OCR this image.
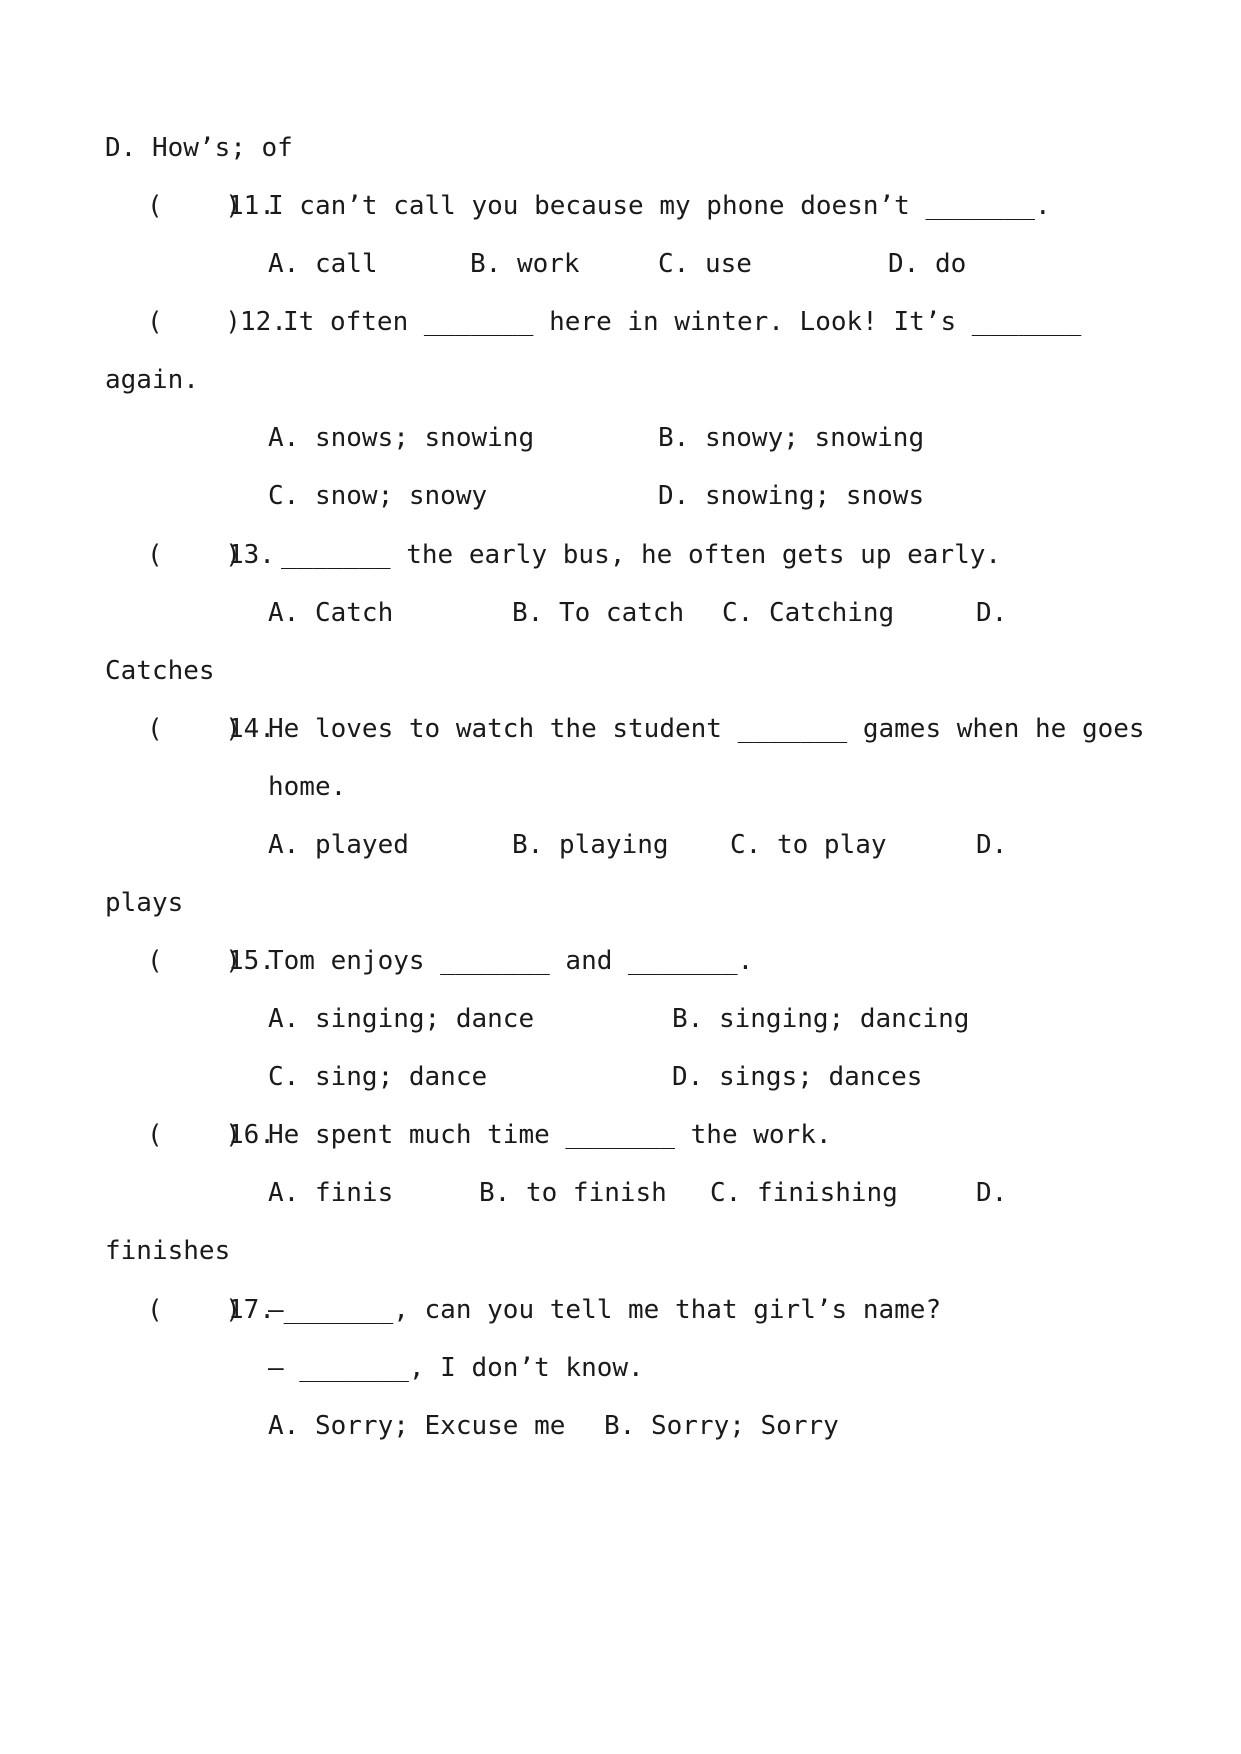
D. How’s; of
(    )
11.
I can’t call you because my phone doesn’t _______.
A. call	B. work	C. use	D. do
(    ) 12.
It often _______ here in winter. Look! It’s _______
again.
A. snows; snowing	B. snowy; snowing
C. snow; snowy	D. snowing; snows
(    )
13. _______ the early bus, he often gets up early.
A. Catch	B. To catch C. Catching	D.
Catches
(    )
14.
He loves to watch the student _______ games when he goes
home.
A. played	B. playing C. to play	D.
plays
(    )
15.
Tom enjoys _______ and _______.
A. singing; dance	B. singing; dancing
C. sing; dance	D. sings; dances
(    )
16.
He spent much time _______ the work.
A. finis	B. to finish C. finishing	D.
finishes
(    )
17.
—_______, can you tell me that girl’s name?
— _______, I don’t know.
A. Sorry; Excuse me B. Sorry; Sorry
